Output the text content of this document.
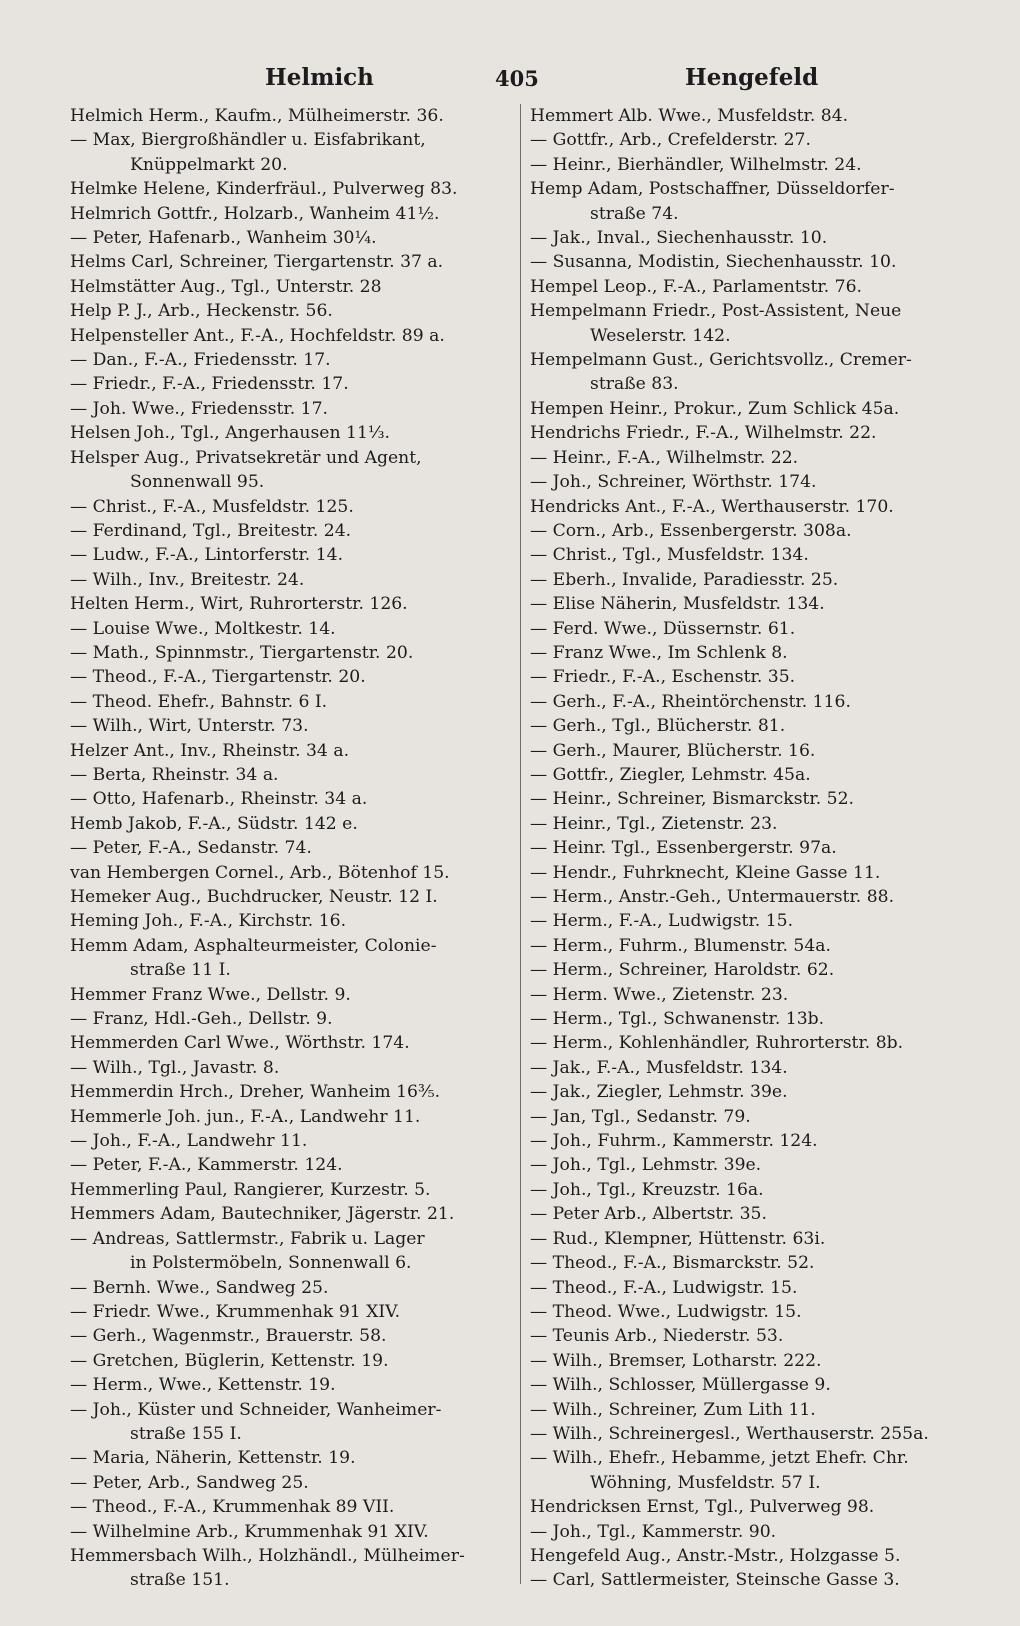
Helmich	405	Hengefeld
Helmich Herm., Kaufm., Mülheimerstr. 36.
— Max, Biergroßhändler u. Eisfabrikant,
Knüppelmarkt 20.
Helmke Helene, Kinderfräul., Pulverweg 83.
Helmrich Gottfr., Holzarb., Wanheim 41½.
— Peter, Hafenarb., Wanheim 30¼.
Helms Carl, Schreiner, Tiergartenstr. 37 a.
Helmstätter Aug., Tgl., Unterstr. 28
Help P. J., Arb., Heckenstr. 56.
Helpensteller Ant., F.-A., Hochfeldstr. 89 a.
— Dan., F.-A., Friedensstr. 17.
— Friedr., F.-A., Friedensstr. 17.
— Joh. Wwe., Friedensstr. 17.
Helsen Joh., Tgl., Angerhausen 11⅓.
Helsper Aug., Privatsekretär und Agent,
Sonnenwall 95.
— Christ., F.-A., Musfeldstr. 125.
— Ferdinand, Tgl., Breitestr. 24.
— Ludw., F.-A., Lintorferstr. 14.
— Wilh., Inv., Breitestr. 24.
Helten Herm., Wirt, Ruhrorterstr. 126.
— Louise Wwe., Moltkestr. 14.
— Math., Spinnmstr., Tiergartenstr. 20.
— Theod., F.-A., Tiergartenstr. 20.
— Theod. Ehefr., Bahnstr. 6 I.
— Wilh., Wirt, Unterstr. 73.
Helzer Ant., Inv., Rheinstr. 34 a.
— Berta, Rheinstr. 34 a.
— Otto, Hafenarb., Rheinstr. 34 a.
Hemb Jakob, F.-A., Südstr. 142 e.
— Peter, F.-A., Sedanstr. 74.
van Hembergen Cornel., Arb., Bötenhof 15.
Hemeker Aug., Buchdrucker, Neustr. 12 I.
Heming Joh., F.-A., Kirchstr. 16.
Hemm Adam, Asphalteurmeister, Colonie-
straße 11 I.
Hemmer Franz Wwe., Dellstr. 9.
— Franz, Hdl.-Geh., Dellstr. 9.
Hemmerden Carl Wwe., Wörthstr. 174.
— Wilh., Tgl., Javastr. 8.
Hemmerdin Hrch., Dreher, Wanheim 16³⁄₅.
Hemmerle Joh. jun., F.-A., Landwehr 11.
— Joh., F.-A., Landwehr 11.
— Peter, F.-A., Kammerstr. 124.
Hemmerling Paul, Rangierer, Kurzestr. 5.
Hemmers Adam, Bautechniker, Jägerstr. 21.
— Andreas, Sattlermstr., Fabrik u. Lager
in Polstermöbeln, Sonnenwall 6.
— Bernh. Wwe., Sandweg 25.
— Friedr. Wwe., Krummenhak 91 XIV.
— Gerh., Wagenmstr., Brauerstr. 58.
— Gretchen, Büglerin, Kettenstr. 19.
— Herm., Wwe., Kettenstr. 19.
— Joh., Küster und Schneider, Wanheimer-
straße 155 I.
— Maria, Näherin, Kettenstr. 19.
— Peter, Arb., Sandweg 25.
— Theod., F.-A., Krummenhak 89 VII.
— Wilhelmine Arb., Krummenhak 91 XIV.
Hemmersbach Wilh., Holzhändl., Mülheimer-
straße 151.
Hemmert Alb. Wwe., Musfeldstr. 84.
— Gottfr., Arb., Crefelderstr. 27.
— Heinr., Bierhändler, Wilhelmstr. 24.
Hemp Adam, Postschaffner, Düsseldorfer-
straße 74.
— Jak., Inval., Siechenhausstr. 10.
— Susanna, Modistin, Siechenhausstr. 10.
Hempel Leop., F.-A., Parlamentstr. 76.
Hempelmann Friedr., Post-Assistent, Neue
Weselerstr. 142.
Hempelmann Gust., Gerichtsvollz., Cremer-
straße 83.
Hempen Heinr., Prokur., Zum Schlick 45a.
Hendrichs Friedr., F.-A., Wilhelmstr. 22.
— Heinr., F.-A., Wilhelmstr. 22.
— Joh., Schreiner, Wörthstr. 174.
Hendricks Ant., F.-A., Werthauserstr. 170.
— Corn., Arb., Essenbergerstr. 308a.
— Christ., Tgl., Musfeldstr. 134.
— Eberh., Invalide, Paradiesstr. 25.
— Elise Näherin, Musfeldstr. 134.
— Ferd. Wwe., Düssernstr. 61.
— Franz Wwe., Im Schlenk 8.
— Friedr., F.-A., Eschenstr. 35.
— Gerh., F.-A., Rheintörchenstr. 116.
— Gerh., Tgl., Blücherstr. 81.
— Gerh., Maurer, Blücherstr. 16.
— Gottfr., Ziegler, Lehmstr. 45a.
— Heinr., Schreiner, Bismarckstr. 52.
— Heinr., Tgl., Zietenstr. 23.
— Heinr. Tgl., Essenbergerstr. 97a.
— Hendr., Fuhrknecht, Kleine Gasse 11.
— Herm., Anstr.-Geh., Untermauerstr. 88.
— Herm., F.-A., Ludwigstr. 15.
— Herm., Fuhrm., Blumenstr. 54a.
— Herm., Schreiner, Haroldstr. 62.
— Herm. Wwe., Zietenstr. 23.
— Herm., Tgl., Schwanenstr. 13b.
— Herm., Kohlenhändler, Ruhrorterstr. 8b.
— Jak., F.-A., Musfeldstr. 134.
— Jak., Ziegler, Lehmstr. 39e.
— Jan, Tgl., Sedanstr. 79.
— Joh., Fuhrm., Kammerstr. 124.
— Joh., Tgl., Lehmstr. 39e.
— Joh., Tgl., Kreuzstr. 16a.
— Peter Arb., Albertstr. 35.
— Rud., Klempner, Hüttenstr. 63i.
— Theod., F.-A., Bismarckstr. 52.
— Theod., F.-A., Ludwigstr. 15.
— Theod. Wwe., Ludwigstr. 15.
— Teunis Arb., Niederstr. 53.
— Wilh., Bremser, Lotharstr. 222.
— Wilh., Schlosser, Müllergasse 9.
— Wilh., Schreiner, Zum Lith 11.
— Wilh., Schreinergesl., Werthauserstr. 255a.
— Wilh., Ehefr., Hebamme, jetzt Ehefr. Chr.
Wöhning, Musfeldstr. 57 I.
Hendricksen Ernst, Tgl., Pulverweg 98.
— Joh., Tgl., Kammerstr. 90.
Hengefeld Aug., Anstr.-Mstr., Holzgasse 5.
— Carl, Sattlermeister, Steinsche Gasse 3.
